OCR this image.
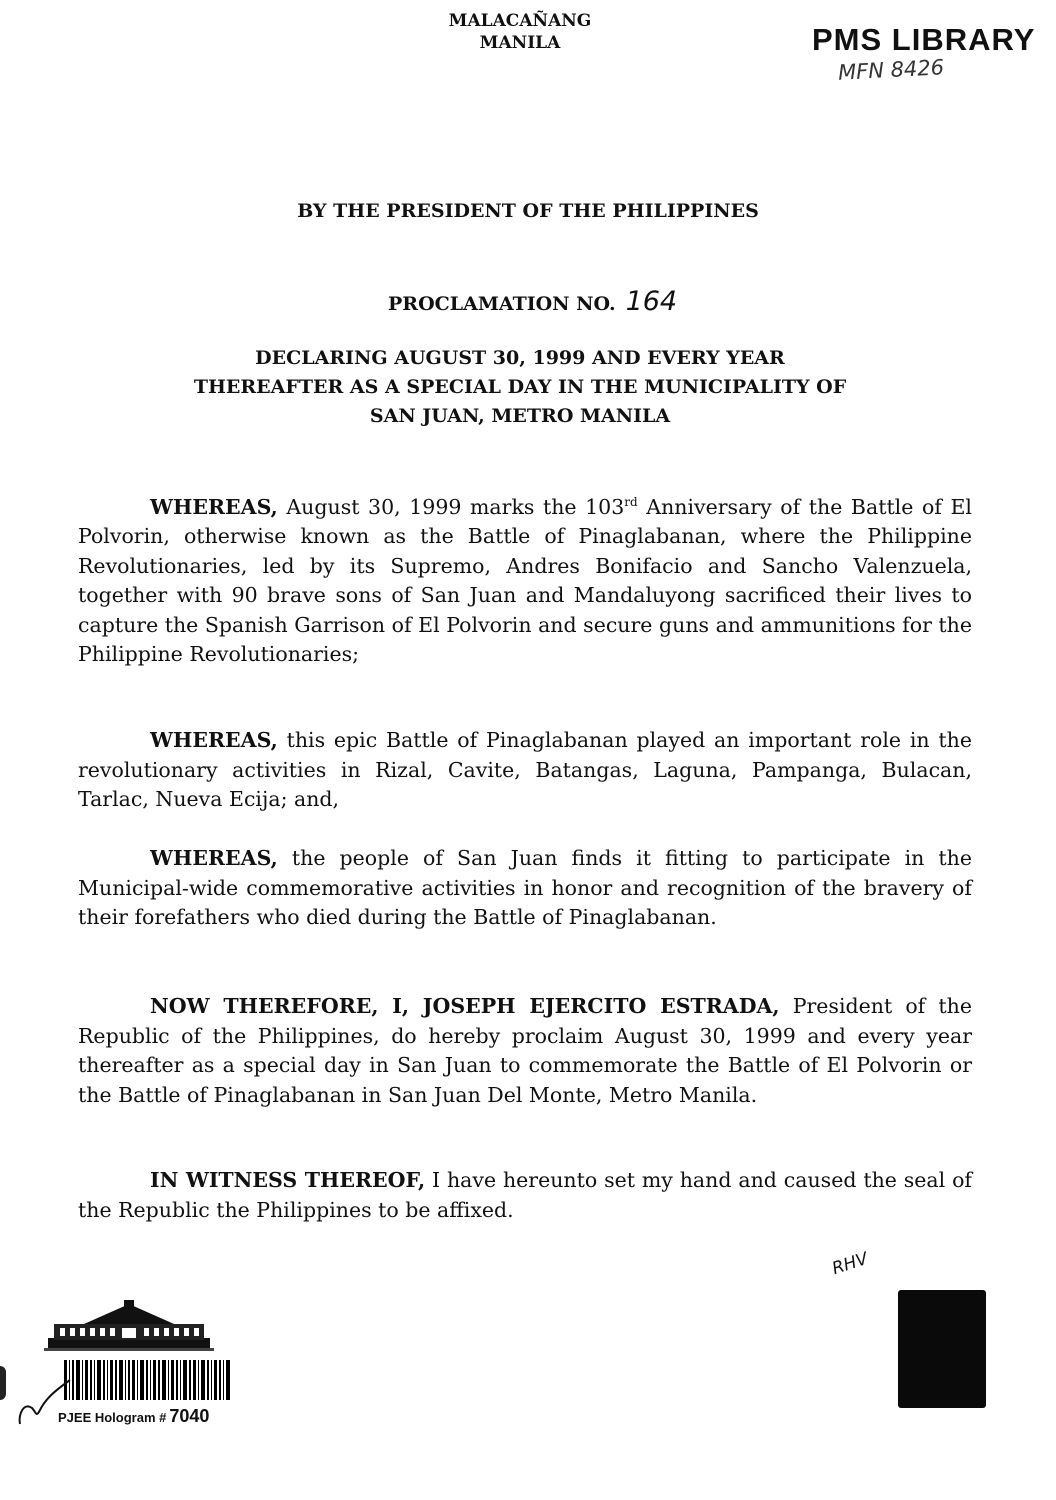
MALACAÑANG
MANILA	PMS LIBRARY
MFN 8426
BY THE PRESIDENT OF THE PHILIPPINES
PROCLAMATION NO. 164
DECLARING AUGUST 30, 1999 AND EVERY YEAR
THEREAFTER AS A SPECIAL DAY IN THE MUNICIPALITY OF
SAN JUAN, METRO MANILA
WHEREAS, August 30, 1999 marks the 103rd Anniversary of the Battle of El Polvorin, otherwise known as the Battle of Pinaglabanan, where the Philippine Revolutionaries, led by its Supremo, Andres Bonifacio and Sancho Valenzuela, together with 90 brave sons of San Juan and Mandaluyong sacrificed their lives to capture the Spanish Garrison of El Polvorin and secure guns and ammunitions for the Philippine Revolutionaries;
WHEREAS, this epic Battle of Pinaglabanan played an important role in the revolutionary activities in Rizal, Cavite, Batangas, Laguna, Pampanga, Bulacan, Tarlac, Nueva Ecija; and,
WHEREAS, the people of San Juan finds it fitting to participate in the Municipal-wide commemorative activities in honor and recognition of the bravery of their forefathers who died during the Battle of Pinaglabanan.
NOW THEREFORE, I, JOSEPH EJERCITO ESTRADA, President of the Republic of the Philippines, do hereby proclaim August 30, 1999 and every year thereafter as a special day in San Juan to commemorate the Battle of El Polvorin or the Battle of Pinaglabanan in San Juan Del Monte, Metro Manila.
IN WITNESS THEREOF, I have hereunto set my hand and caused the seal of the Republic the Philippines to be affixed.
RHV
PJEE Hologram # 7040
